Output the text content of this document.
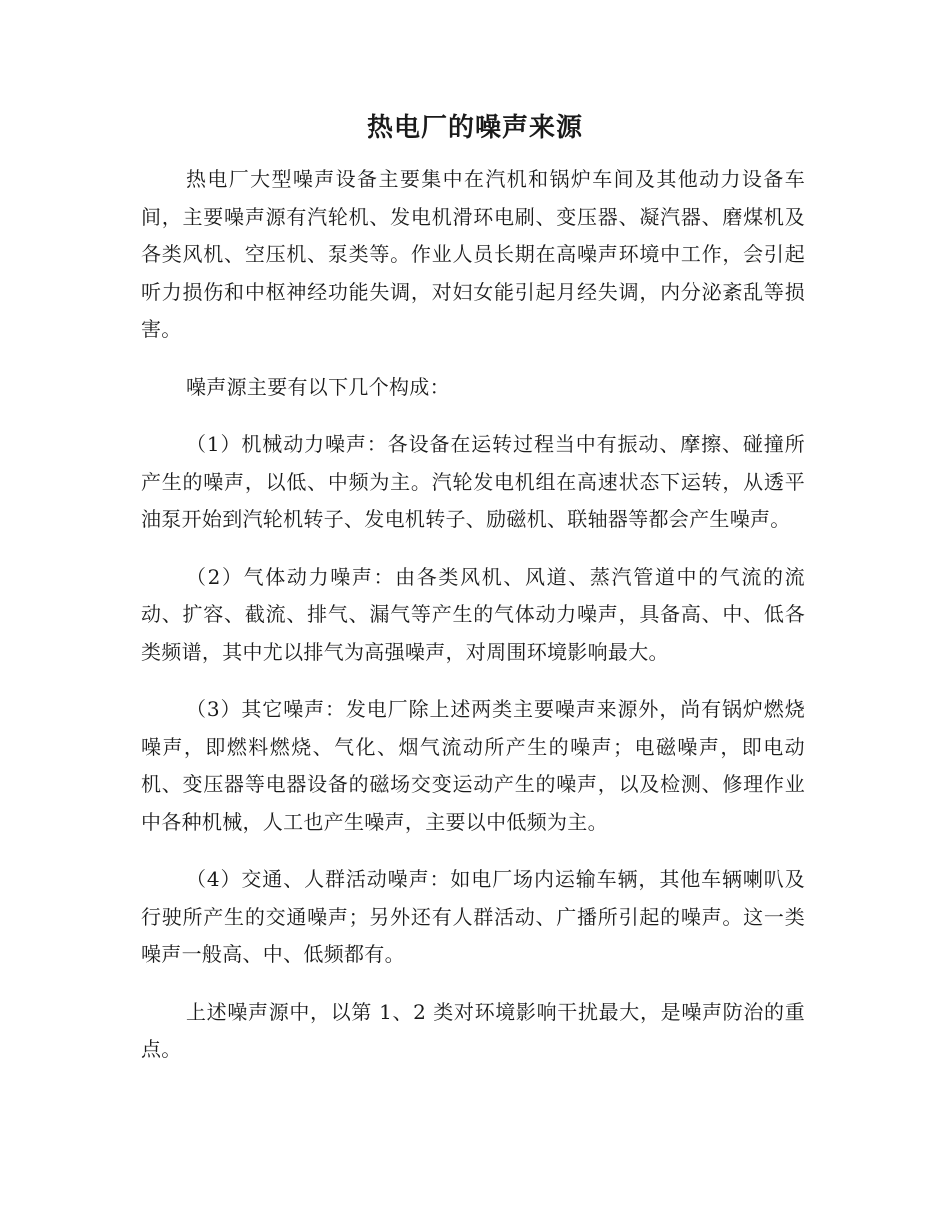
热电厂的噪声来源

热电厂大型噪声设备主要集中在汽机和锅炉车间及其他动力设备车间，主要噪声源有汽轮机、发电机滑环电刷、变压器、凝汽器、磨煤机及各类风机、空压机、泵类等。作业人员长期在高噪声环境中工作，会引起听力损伤和中枢神经功能失调，对妇女能引起月经失调，内分泌紊乱等损害。

噪声源主要有以下几个构成：

（1）机械动力噪声：各设备在运转过程当中有振动、摩擦、碰撞所产生的噪声，以低、中频为主。汽轮发电机组在高速状态下运转，从透平油泵开始到汽轮机转子、发电机转子、励磁机、联轴器等都会产生噪声。

（2）气体动力噪声：由各类风机、风道、蒸汽管道中的气流的流动、扩容、截流、排气、漏气等产生的气体动力噪声，具备高、中、低各类频谱，其中尤以排气为高强噪声，对周围环境影响最大。

（3）其它噪声：发电厂除上述两类主要噪声来源外，尚有锅炉燃烧噪声，即燃料燃烧、气化、烟气流动所产生的噪声；电磁噪声，即电动机、变压器等电器设备的磁场交变运动产生的噪声，以及检测、修理作业中各种机械，人工也产生噪声，主要以中低频为主。

（4）交通、人群活动噪声：如电厂场内运输车辆，其他车辆喇叭及行驶所产生的交通噪声；另外还有人群活动、广播所引起的噪声。这一类噪声一般高、中、低频都有。

上述噪声源中，以第 1、2 类对环境影响干扰最大，是噪声防治的重点。
